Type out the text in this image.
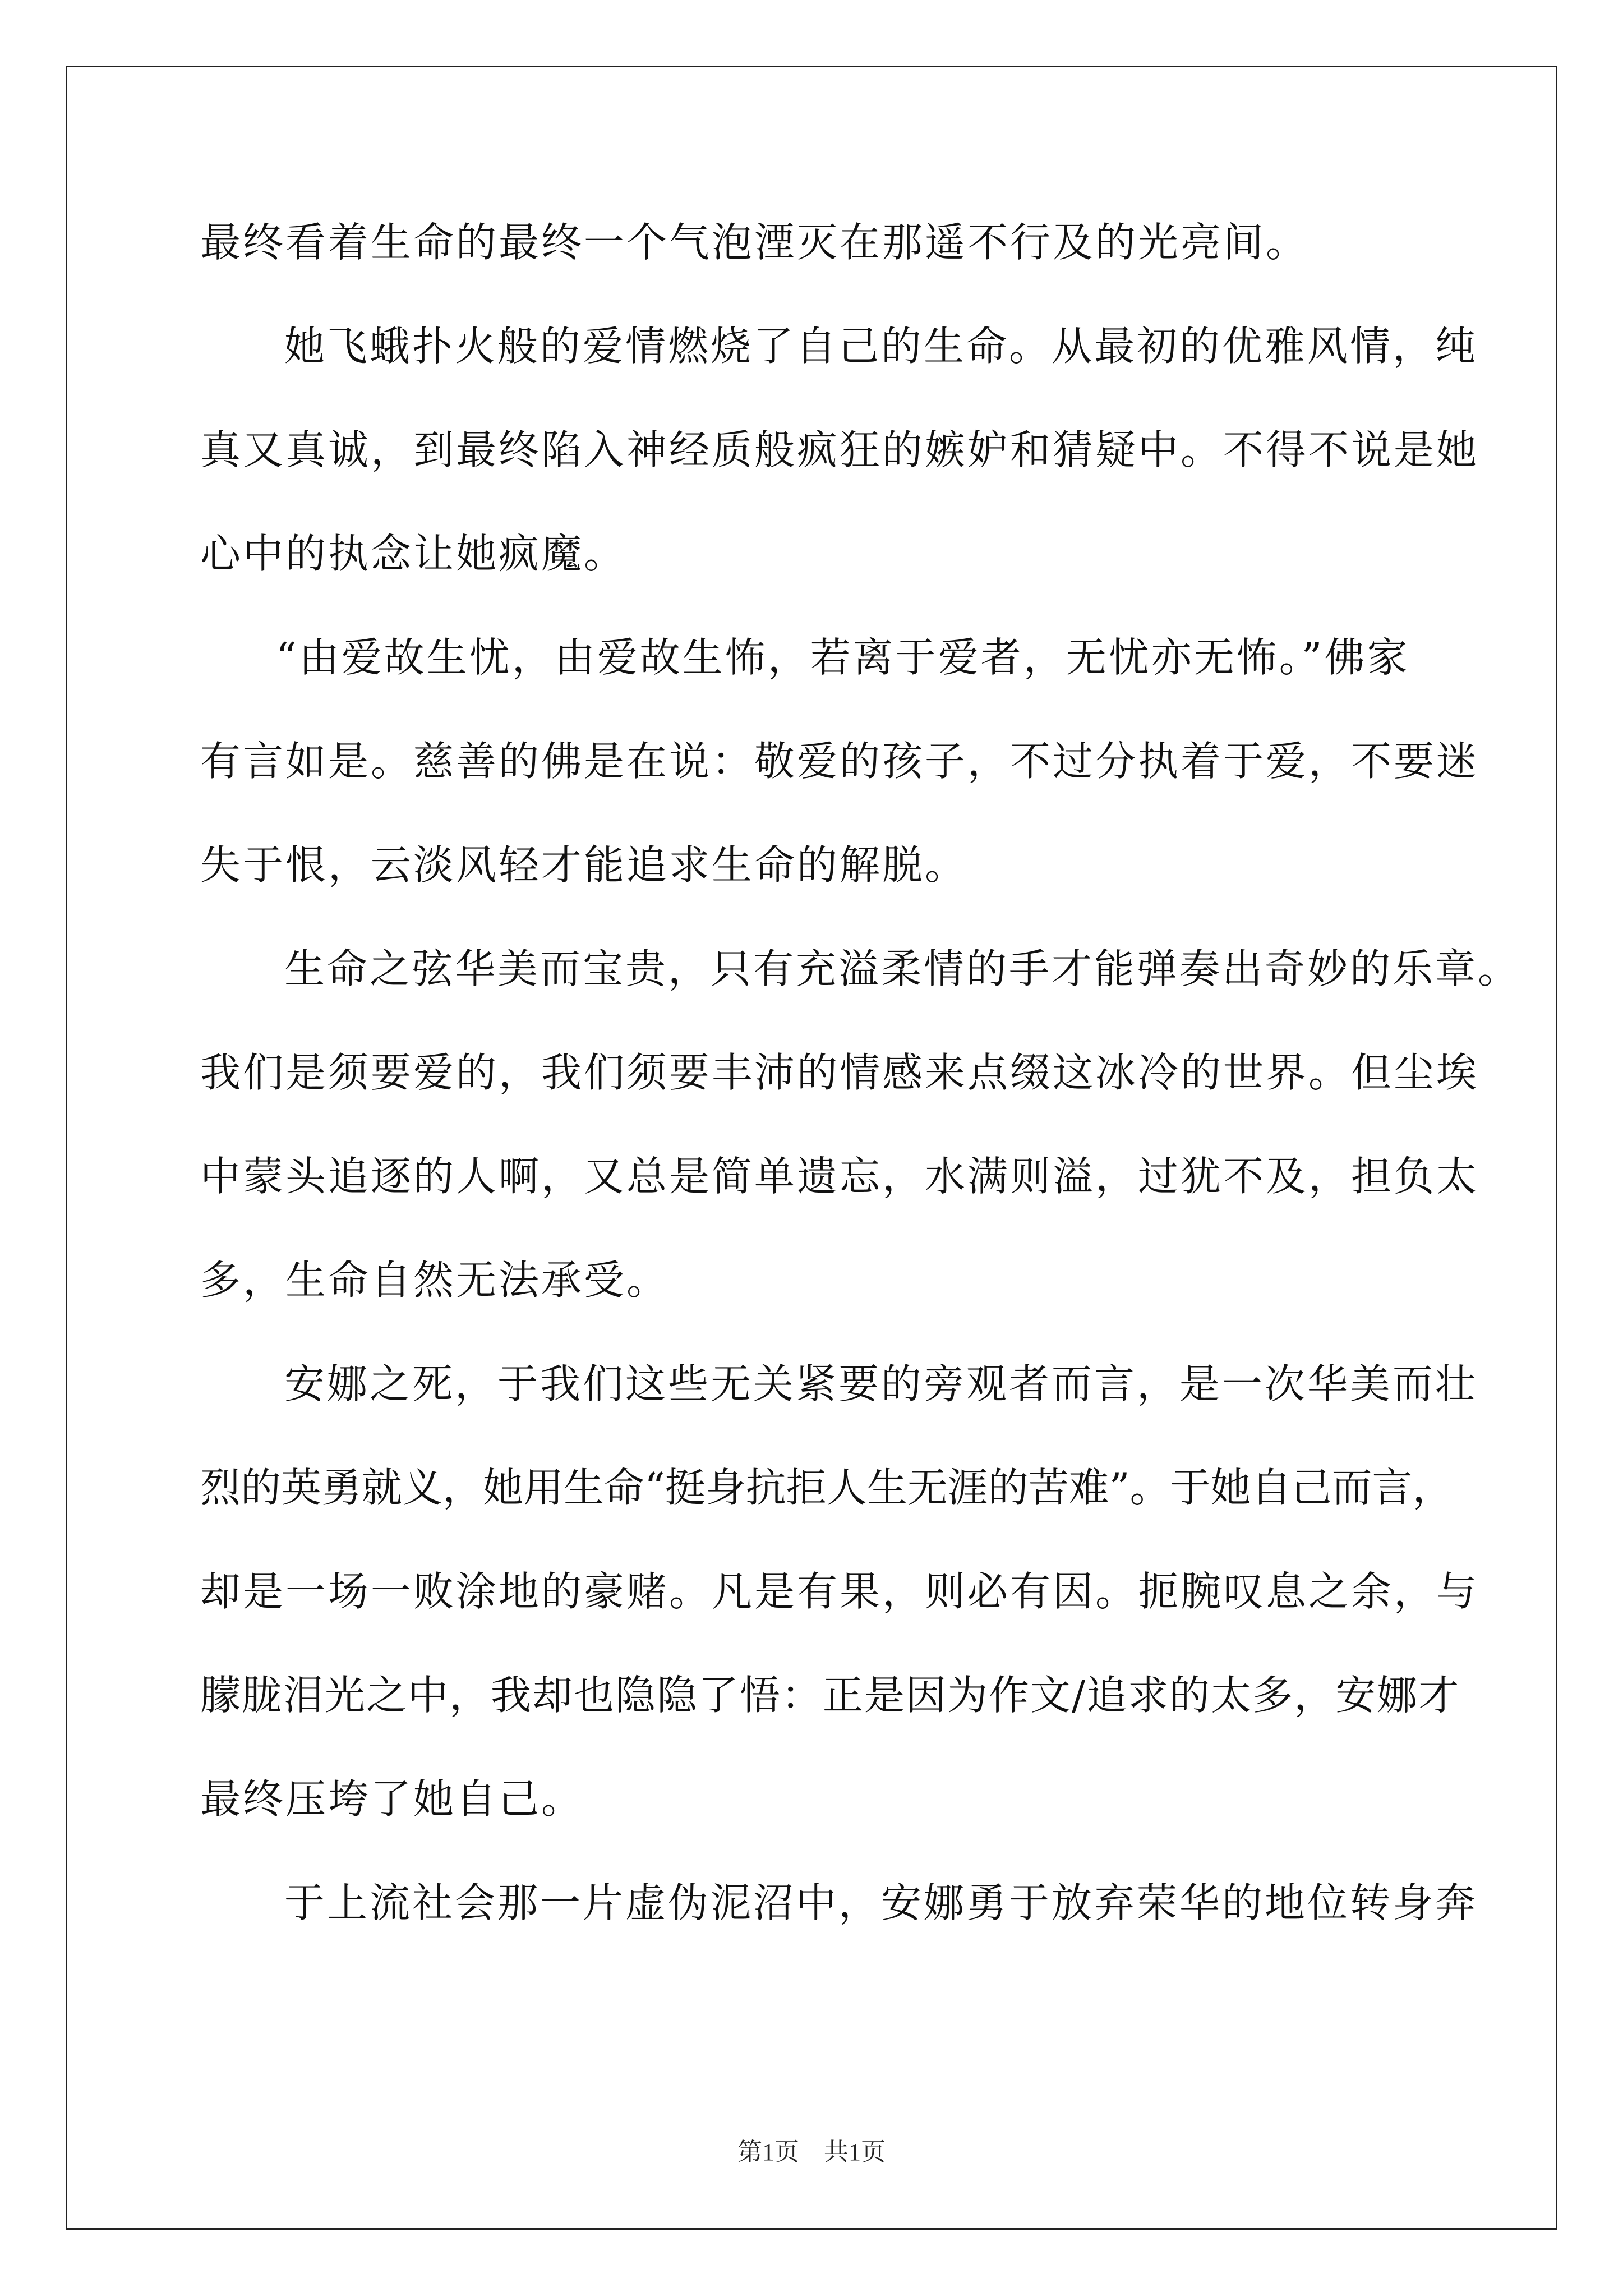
最终看着生命的最终一个气泡湮灭在那遥不行及的光亮间。
她飞蛾扑火般的爱情燃烧了自己的生命。从最初的优雅风情，纯
真又真诚，到最终陷入神经质般疯狂的嫉妒和猜疑中。不得不说是她
心中的执念让她疯魔。
“由爱故生忧，由爱故生怖，若离于爱者，无忧亦无怖。”佛家
有言如是。慈善的佛是在说：敬爱的孩子，不过分执着于爱，不要迷
失于恨，云淡风轻才能追求生命的解脱。
生命之弦华美而宝贵，只有充溢柔情的手才能弹奏出奇妙的乐章。
我们是须要爱的，我们须要丰沛的情感来点缀这冰冷的世界。但尘埃
中蒙头追逐的人啊，又总是简单遗忘，水满则溢，过犹不及，担负太
多，生命自然无法承受。
安娜之死，于我们这些无关紧要的旁观者而言，是一次华美而壮
烈的英勇就义，她用生命“挺身抗拒人生无涯的苦难”。于她自己而言，
却是一场一败涂地的豪赌。凡是有果，则必有因。扼腕叹息之余，与
朦胧泪光之中，我却也隐隐了悟：正是因为作文/追求的太多，安娜才
最终压垮了她自己。
于上流社会那一片虚伪泥沼中，安娜勇于放弃荣华的地位转身奔
第1页　共1页
